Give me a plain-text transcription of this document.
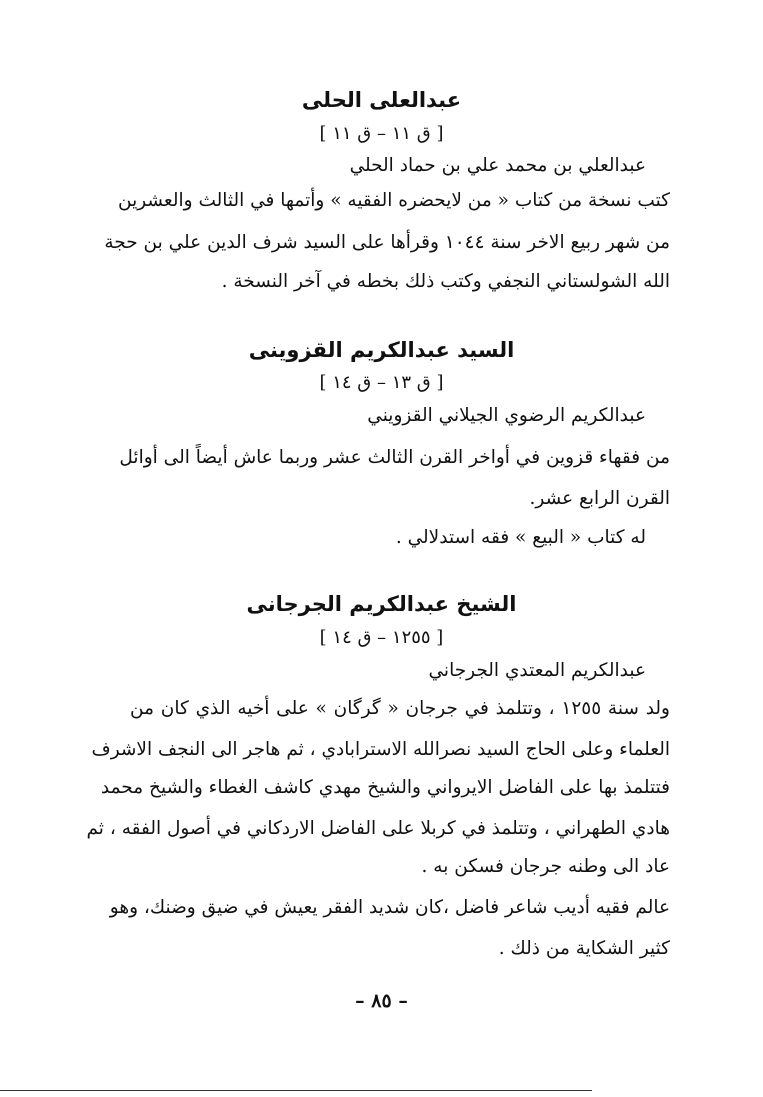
عبدالعلى الحلى
[ ق ١١ – ق ١١ ]
عبدالعلي بن محمد علي بن حماد الحلي
كتب نسخة من كتاب « من لايحضره الفقيه » وأتمها في الثالث والعشرين
من شهر ربيع الاخر سنة ١٠٤٤ وقرأها على السيد شرف الدين علي بن حجة
الله الشولستاني النجفي وكتب ذلك بخطه في آخر النسخة .
السيد عبدالكريم القزوينى
[ ق ١٣ – ق ١٤ ]
عبدالكريم الرضوي الجيلاني القزويني
من فقهاء قزوين في أواخر القرن الثالث عشر وربما عاش أيضاً الى أوائل
القرن الرابع عشر.
له كتاب « البيع » فقه استدلالي .
الشيخ عبدالكريم الجرجانى
[ ١٢٥٥ – ق ١٤ ]
عبدالكريم المعتدي الجرجاني
ولد سنة ١٢٥٥ ، وتتلمذ في جرجان « گرگان » على أخيه الذي كان من
العلماء وعلى الحاج السيد نصرالله الاسترابادي ، ثم هاجر الى النجف الاشرف
فتتلمذ بها على الفاضل الايرواني والشيخ مهدي كاشف الغطاء والشيخ محمد
هادي الطهراني ، وتتلمذ في كربلا على الفاضل الاردكاني في أصول الفقه ، ثم
عاد الى وطنه جرجان فسكن به .
عالم فقيه أديب شاعر فاضل ،كان شديد الفقر يعيش في ضيق وضنك، وهو
كثير الشكاية من ذلك .
– ٨٥ –
